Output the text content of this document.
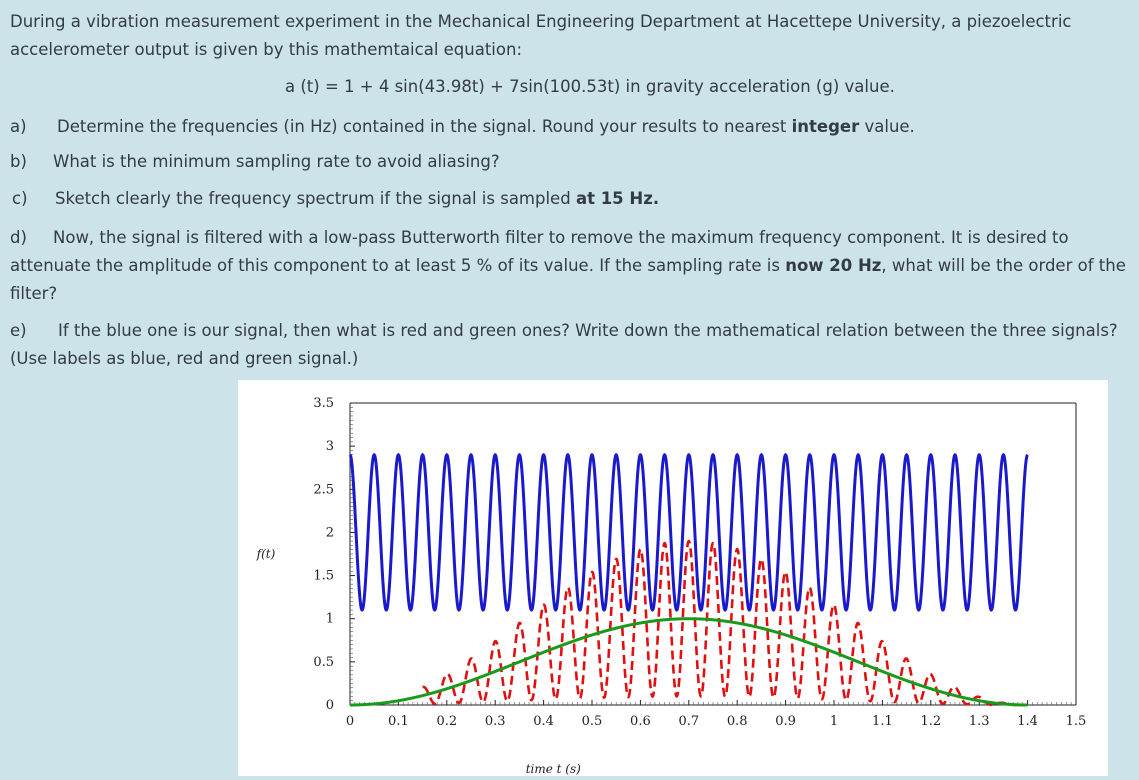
During a vibration measurement experiment in the Mechanical Engineering Department at Hacettepe University, a piezoelectric
accelerometer output is given by this mathemtaical equation:
a (t) = 1 + 4 sin(43.98t) + 7sin(100.53t) in gravity acceleration (g) value.
a) Determine the frequencies (in Hz) contained in the signal. Round your results to nearest integer value.
b) What is the minimum sampling rate to avoid aliasing?
c) Sketch clearly the frequency spectrum if the signal is sampled at 15 Hz.
d) Now, the signal is filtered with a low-pass Butterworth filter to remove the maximum frequency component. It is desired to
attenuate the amplitude of this component to at least 5 % of its value. If the sampling rate is now 20 Hz, what will be the order of the
filter?
e) If the blue one is our signal, then what is red and green ones? Write down the mathematical relation between the three signals?
(Use labels as blue, red and green signal.)
0
0.5
1
1.5
2
2.5
3
3.5
0	0.1 0.2 0.3 0.4 0.5 0.6 0.7 0.8 0.9	1	1.1 1.2 1.3 1.4 1.5
f(t)
time t (s)
